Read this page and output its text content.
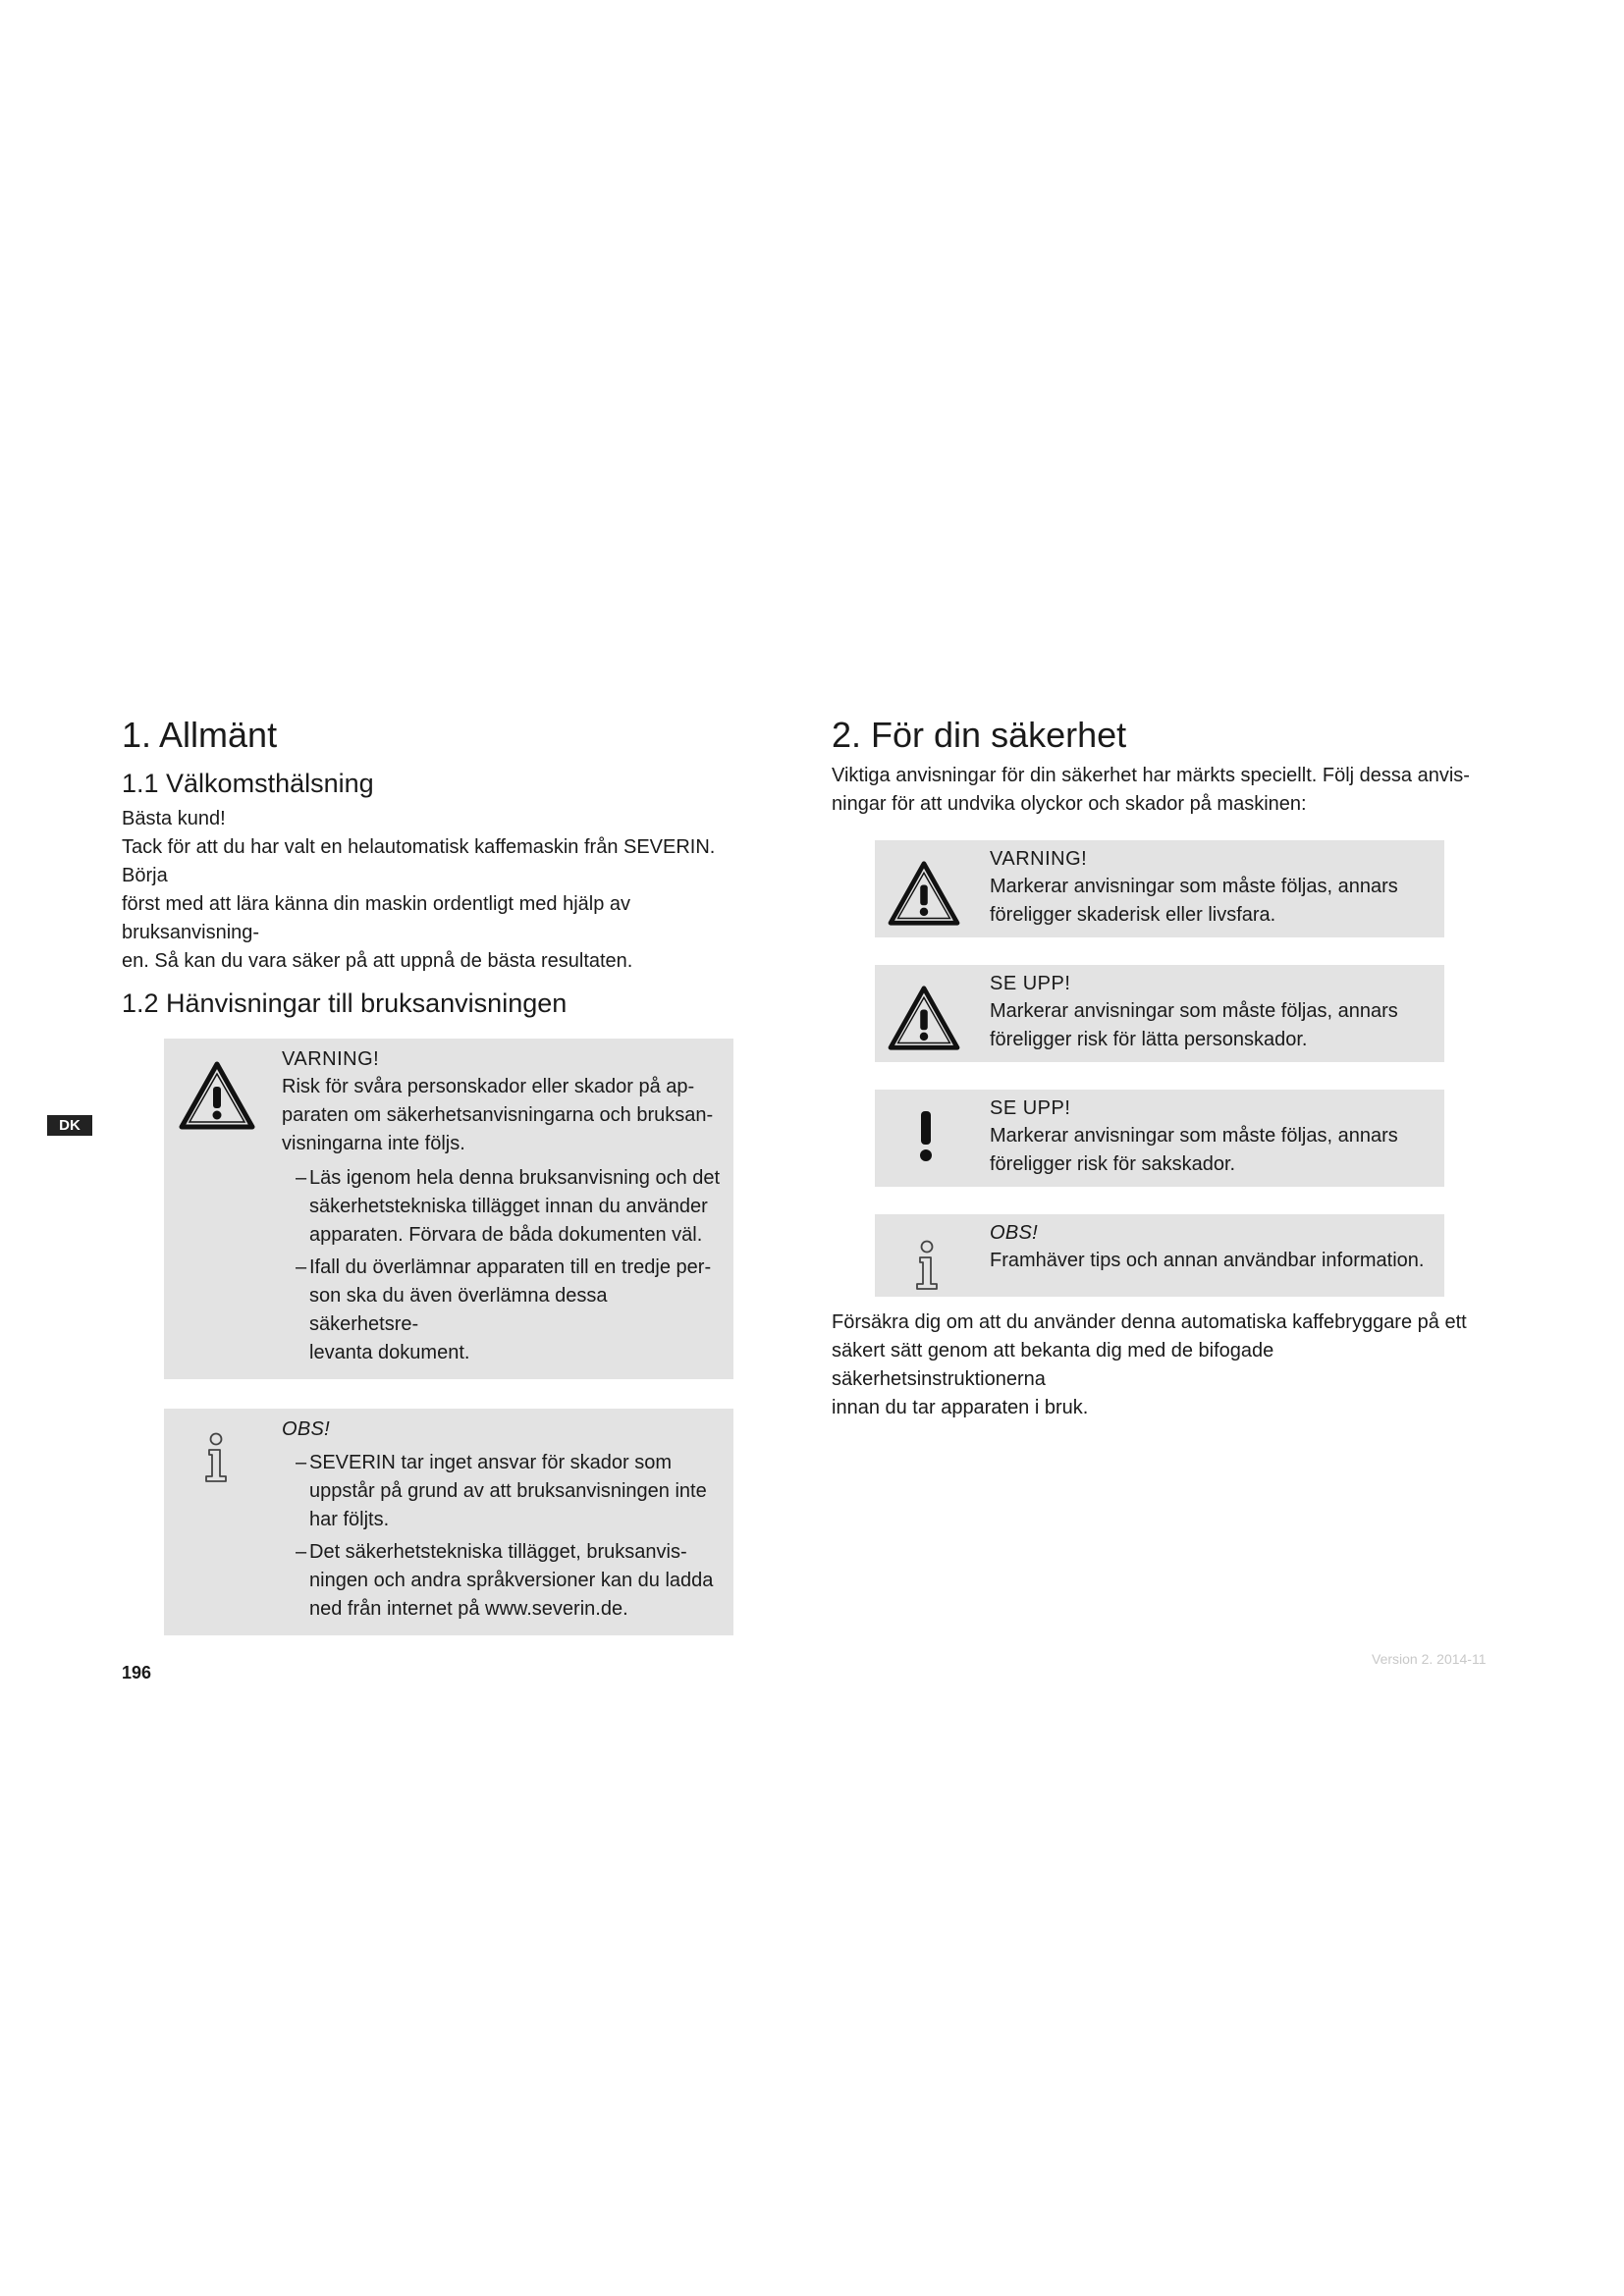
DK
1. Allmänt
1.1 Välkomsthälsning

Bästa kund!

Tack för att du har valt en helautomatisk kaffemaskin från SEVERIN. Börja
först med att lära känna din maskin ordentligt med hjälp av bruksanvisning-
en. Så kan du vara säker på att uppnå de bästa resultaten.

1.2 Hänvisningar till bruksanvisningen

VARNING!

Risk för svåra personskador eller skador på ap-
paraten om säkerhetsanvisningarna och bruksan-
visningarna inte följs.

– Läs igenom hela denna bruksanvisning och det
säkerhetstekniska tillägget innan du använder
apparaten. Förvara de båda dokumenten väl.
– Ifall du överlämnar apparaten till en tredje per-
son ska du även överlämna dessa säkerhetsre-
levanta dokument.

OBS!

– SEVERIN tar inget ansvar för skador som
uppstår på grund av att bruksanvisningen inte
har följts.
– Det säkerhetstekniska tillägget, bruksanvis-
ningen och andra språkversioner kan du ladda
ned från internet på www.severin.de.
2. För din säkerhet

Viktiga anvisningar för din säkerhet har märkts speciellt. Följ dessa anvis-
ningar för att undvika olyckor och skador på maskinen:

VARNING!

Markerar anvisningar som måste följas, annars
föreligger skaderisk eller livsfara.

SE UPP!

Markerar anvisningar som måste följas, annars
föreligger risk för lätta personskador.

SE UPP!

Markerar anvisningar som måste följas, annars
föreligger risk för sakskador.

OBS!

Framhäver tips och annan användbar information.

Försäkra dig om att du använder denna automatiska kaffebryggare på ett
säkert sätt genom att bekanta dig med de bifogade säkerhetsinstruktionerna
innan du tar apparaten i bruk.

196
Version 2. 2014-11
